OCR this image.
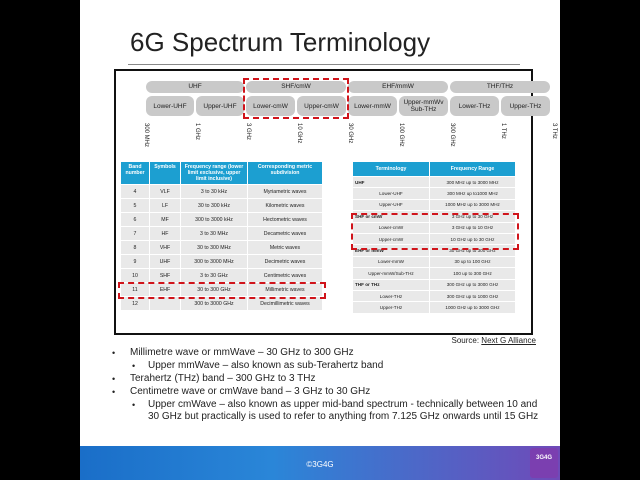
6G Spectrum Terminology
UHF	SHF/cmW	EHF/mmW	THF/THz
Lower-UHF	Upper-UHF	Lower-cmW	Upper-cmW	Lower-mmW	Upper-mmWv Sub-THz	Lower-THz	Upper-THz
300 MHz	1 GHz	3 GHz	10 GHz	30 GHz	100 GHz	300 GHz	1 THz	3 THz
Band number	Symbols	Frequency range (lower limit exclusive, upper limit inclusive)	Corresponding metric subdivision
4	VLF	3 to 30 kHz	Myriametric waves
5	LF	30 to 300 kHz	Kilometric waves
6	MF	300 to 3000 kHz	Hectometric waves
7	HF	3 to 30 MHz	Decametric waves
8	VHF	30 to 300 MHz	Metric waves
9	UHF	300 to 3000 MHz	Decimetric waves
10	SHF	3 to 30 GHz	Centimetric waves
11	EHF	30 to 300 GHz	Millimetric waves
12		300 to 3000 GHz	Decimillimetric waves
Terminology	Frequency Range
UHF	300 MHz up to 3000 MHz
Lower-UHF	300 MHz up to1000 MHz
Upper-UHF	1000 MHz up to 3000 MHz
SHF or cmW	3 GHz up to 30 GHz
Lower-cmW	3 GHz up to 10 GHz
Upper-cmW	10 GHz up to 30 GHz
EHF or mmW	30 GHz up to 300 GHz
Lower-mmW	30 up to 100 GHz
Upper-mmW/Sub-THz	100 up to 300 GHz
THF or THz	300 GHz up to 3000 GHz
Lower-THz	300 GHz up to 1000 GHz
Upper-THz	1000 GHz up to 3000 GHz
Source: Next G Alliance
• Millimetre wave or mmWave – 30 GHz to 300 GHz
• Upper mmWave – also known as sub-Terahertz band
• Terahertz (THz) band – 300 GHz to 3 THz
• Centimetre wave or cmWave band – 3 GHz to 30 GHz
• Upper cmWave – also known as upper mid-band spectrum - technically between 10 and 30 GHz but practically is used to refer to anything from 7.125 GHz onwards until 15 GHz
©3G4G
3G4G
